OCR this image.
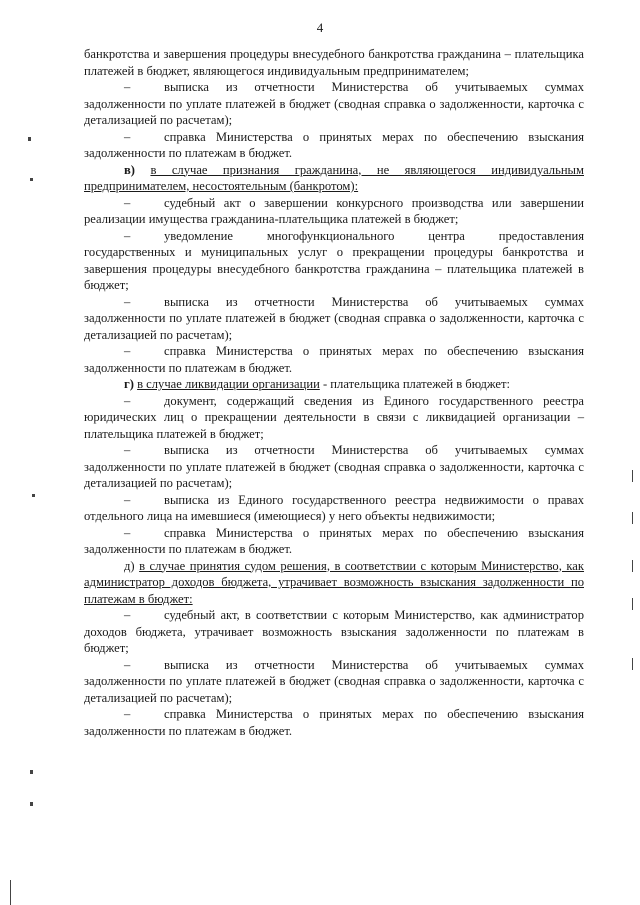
4

банкротства и завершения процедуры внесудебного банкротства гражданина – плательщика платежей в бюджет, являющегося индивидуальным предпринимателем;

–	выписка из отчетности Министерства об учитываемых суммах задолженности по уплате платежей в бюджет (сводная справка о задолженности, карточка с детализацией по расчетам);

–	справка Министерства о принятых мерах по обеспечению взыскания задолженности по платежам в бюджет.

в) в случае признания гражданина, не являющегося индивидуальным предпринимателем, несостоятельным (банкротом):

–	судебный акт о завершении конкурсного производства или завершении реализации имущества гражданина-плательщика платежей в бюджет;

–	уведомление многофункционального центра предоставления государственных и муниципальных услуг о прекращении процедуры банкротства и завершения процедуры внесудебного банкротства гражданина – плательщика платежей в бюджет;

–	выписка из отчетности Министерства об учитываемых суммах задолженности по уплате платежей в бюджет (сводная справка о задолженности, карточка с детализацией по расчетам);

–	справка Министерства о принятых мерах по обеспечению взыскания задолженности по платежам в бюджет.

г) в случае ликвидации организации - плательщика платежей в бюджет:

–	документ, содержащий сведения из Единого государственного реестра юридических лиц о прекращении деятельности в связи с ликвидацией организации – плательщика платежей в бюджет;

–	выписка из отчетности Министерства об учитываемых суммах задолженности по уплате платежей в бюджет (сводная справка о задолженности, карточка с детализацией по расчетам);

–	выписка из Единого государственного реестра недвижимости о правах отдельного лица на имевшиеся (имеющиеся) у него объекты недвижимости;

–	справка Министерства о принятых мерах по обеспечению взыскания задолженности по платежам в бюджет.

д) в случае принятия судом решения, в соответствии с которым Министерство, как администратор доходов бюджета, утрачивает возможность взыскания задолженности по платежам в бюджет:

–	судебный акт, в соответствии с которым Министерство, как администратор доходов бюджета, утрачивает возможность взыскания задолженности по платежам в бюджет;

–	выписка из отчетности Министерства об учитываемых суммах задолженности по уплате платежей в бюджет (сводная справка о задолженности, карточка с детализацией по расчетам);

–	справка Министерства о принятых мерах по обеспечению взыскания задолженности по платежам в бюджет.
